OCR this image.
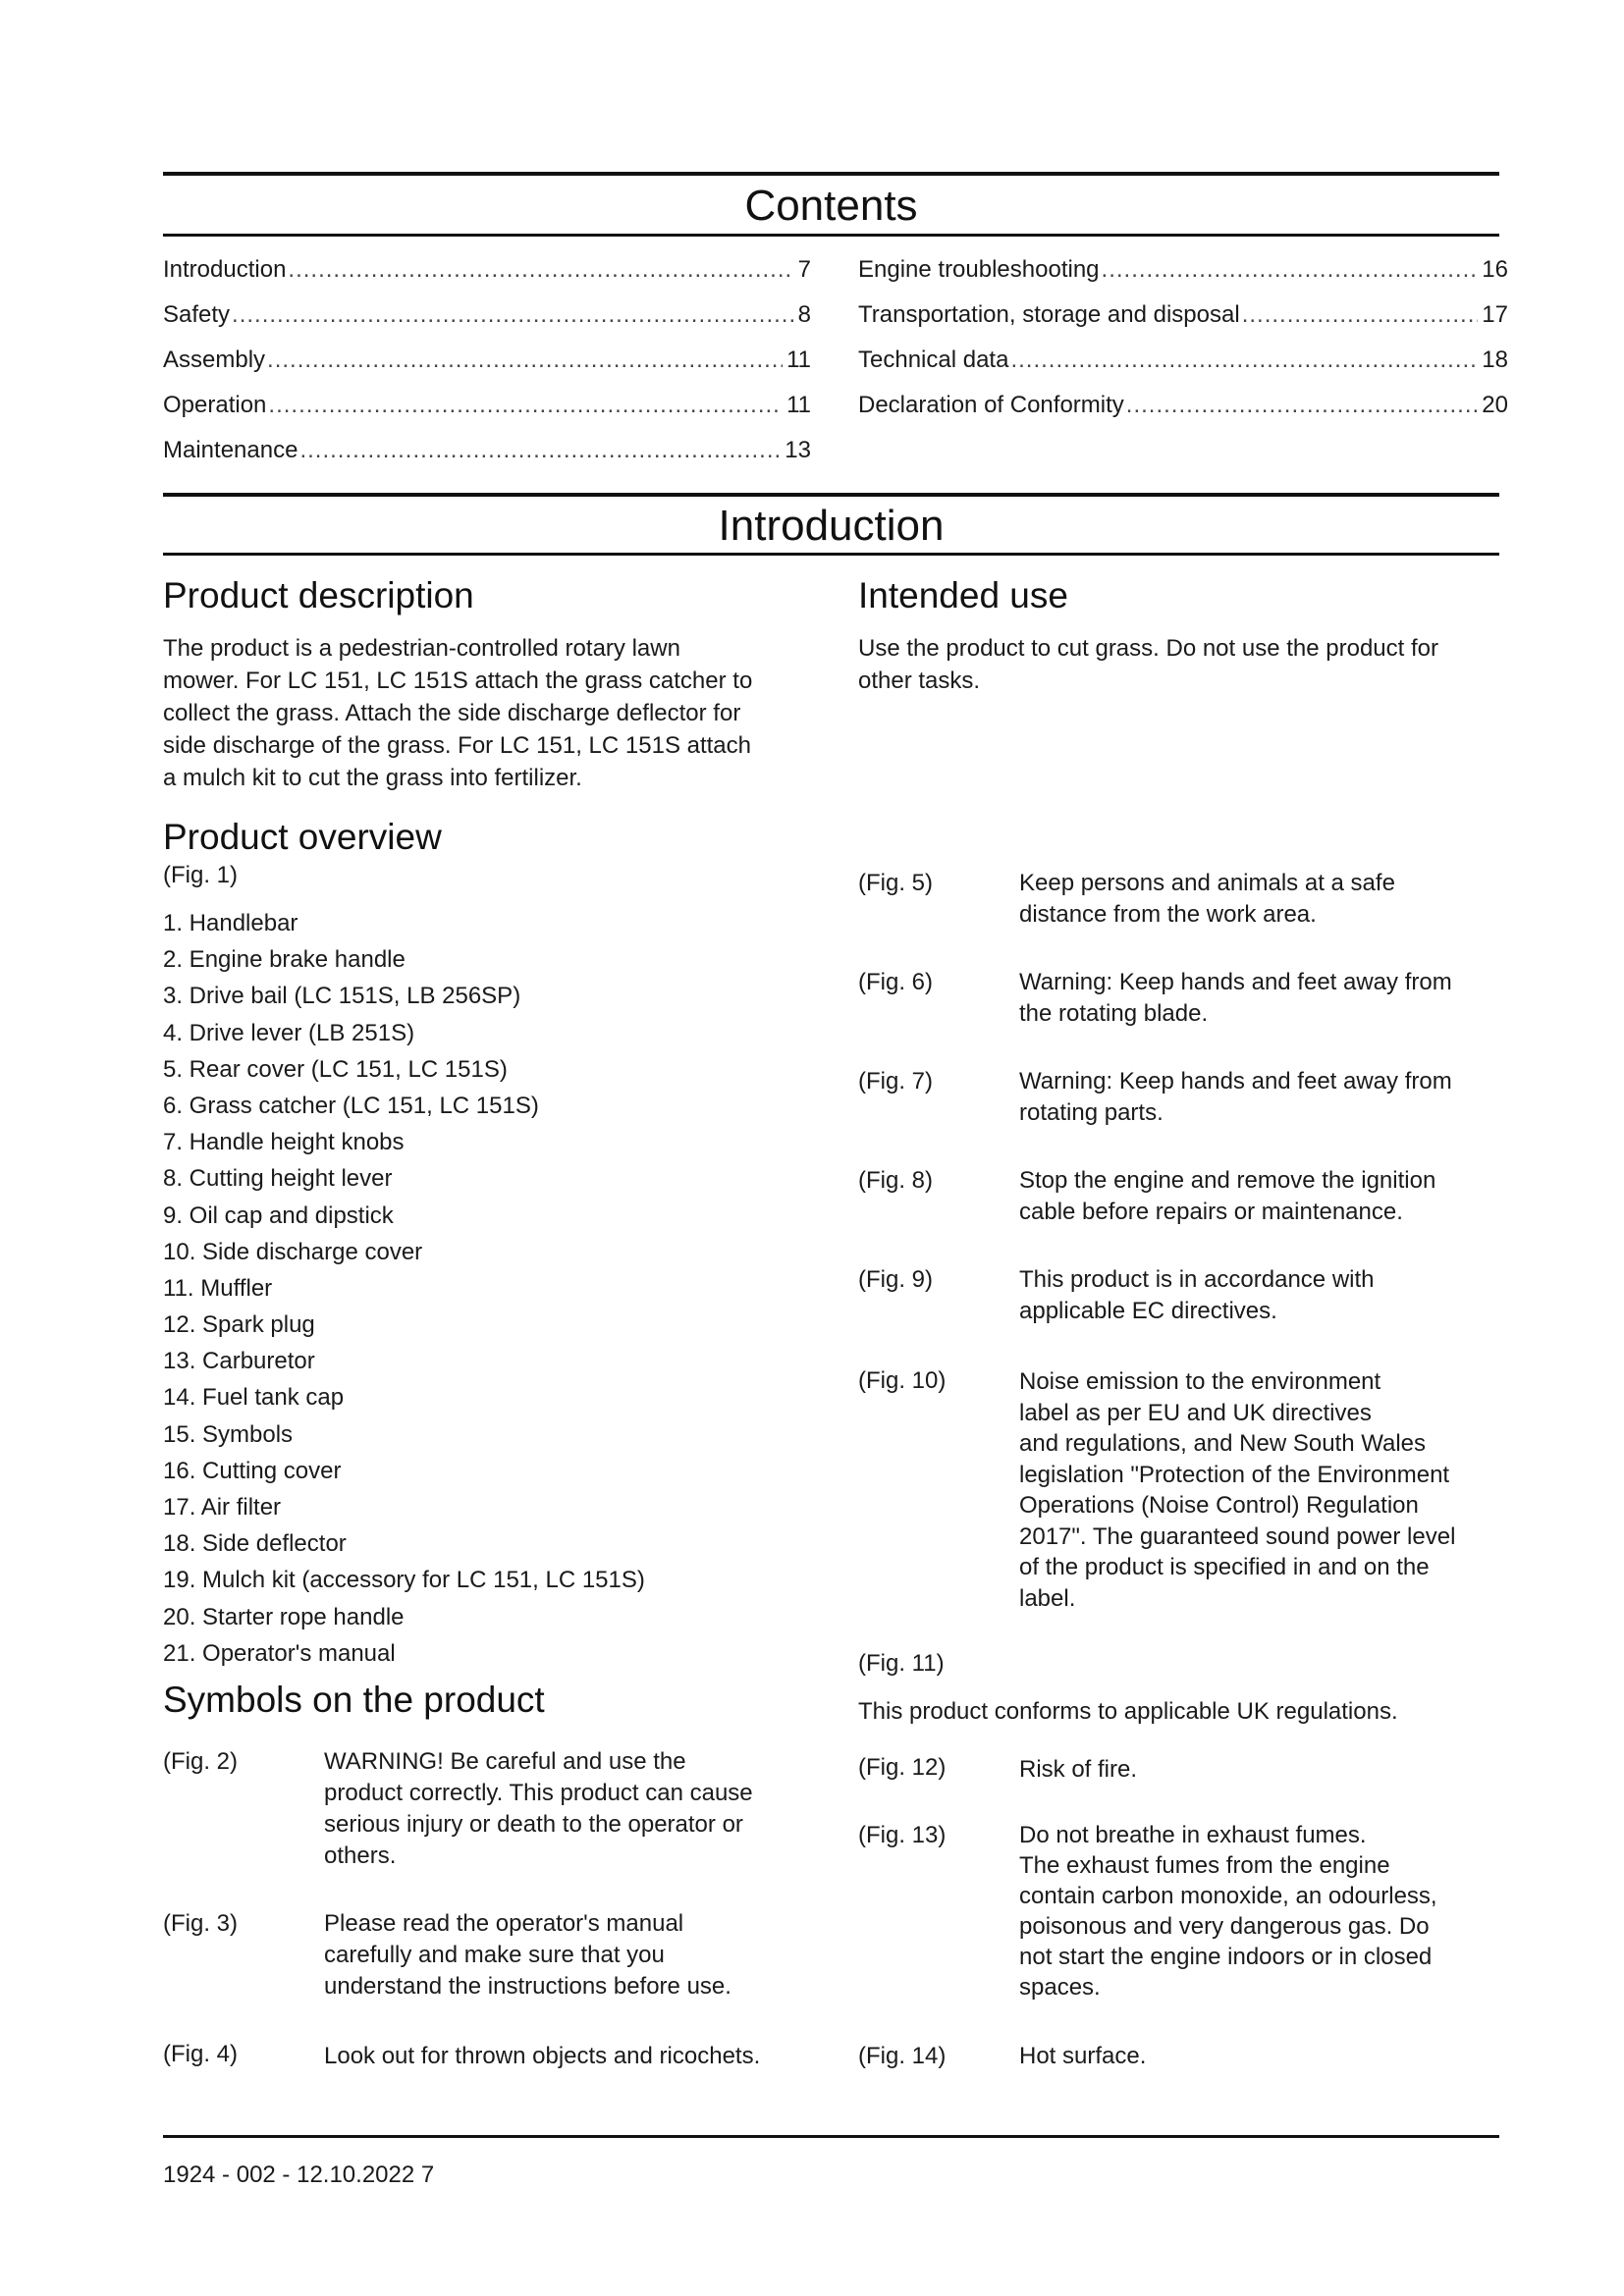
Contents
Introduction .....	7
Safety .....	8
Assembly .....	11
Operation .....	11
Maintenance .....	13
Engine troubleshooting .....	16
Transportation, storage and disposal .....	17
Technical data .....	18
Declaration of Conformity .....	20
Introduction
Product description
The product is a pedestrian-controlled rotary lawn
mower. For LC 151, LC 151S attach the grass catcher to
collect the grass. Attach the side discharge deflector for
side discharge of the grass. For LC 151, LC 151S attach
a mulch kit to cut the grass into fertilizer.
Intended use
Use the product to cut grass. Do not use the product for
other tasks.
Product overview
(Fig. 1)
1. Handlebar
2. Engine brake handle
3. Drive bail (LC 151S, LB 256SP)
4. Drive lever (LB 251S)
5. Rear cover (LC 151, LC 151S)
6. Grass catcher (LC 151, LC 151S)
7. Handle height knobs
8. Cutting height lever
9. Oil cap and dipstick
10. Side discharge cover
11. Muffler
12. Spark plug
13. Carburetor
14. Fuel tank cap
15. Symbols
16. Cutting cover
17. Air filter
18. Side deflector
19. Mulch kit (accessory for LC 151, LC 151S)
20. Starter rope handle
21. Operator's manual
Symbols on the product
(Fig. 2)	WARNING! Be careful and use the
product correctly. This product can cause
serious injury or death to the operator or
others.
(Fig. 3)	Please read the operator's manual
carefully and make sure that you
understand the instructions before use.
(Fig. 4)	Look out for thrown objects and ricochets.
(Fig. 5)	Keep persons and animals at a safe
distance from the work area.
(Fig. 6)	Warning: Keep hands and feet away from
the rotating blade.
(Fig. 7)	Warning: Keep hands and feet away from
rotating parts.
(Fig. 8)	Stop the engine and remove the ignition
cable before repairs or maintenance.
(Fig. 9)	This product is in accordance with
applicable EC directives.
(Fig. 10)	Noise emission to the environment
label as per EU and UK directives
and regulations, and New South Wales
legislation "Protection of the Environment
Operations (Noise Control) Regulation
2017". The guaranteed sound power level
of the product is specified in and on the
label.
(Fig. 11)
This product conforms to applicable UK regulations.
(Fig. 12)	Risk of fire.
(Fig. 13)	Do not breathe in exhaust fumes.
The exhaust fumes from the engine
contain carbon monoxide, an odourless,
poisonous and very dangerous gas. Do
not start the engine indoors or in closed
spaces.
(Fig. 14)	Hot surface.
1924 - 002 - 12.10.2022 7
